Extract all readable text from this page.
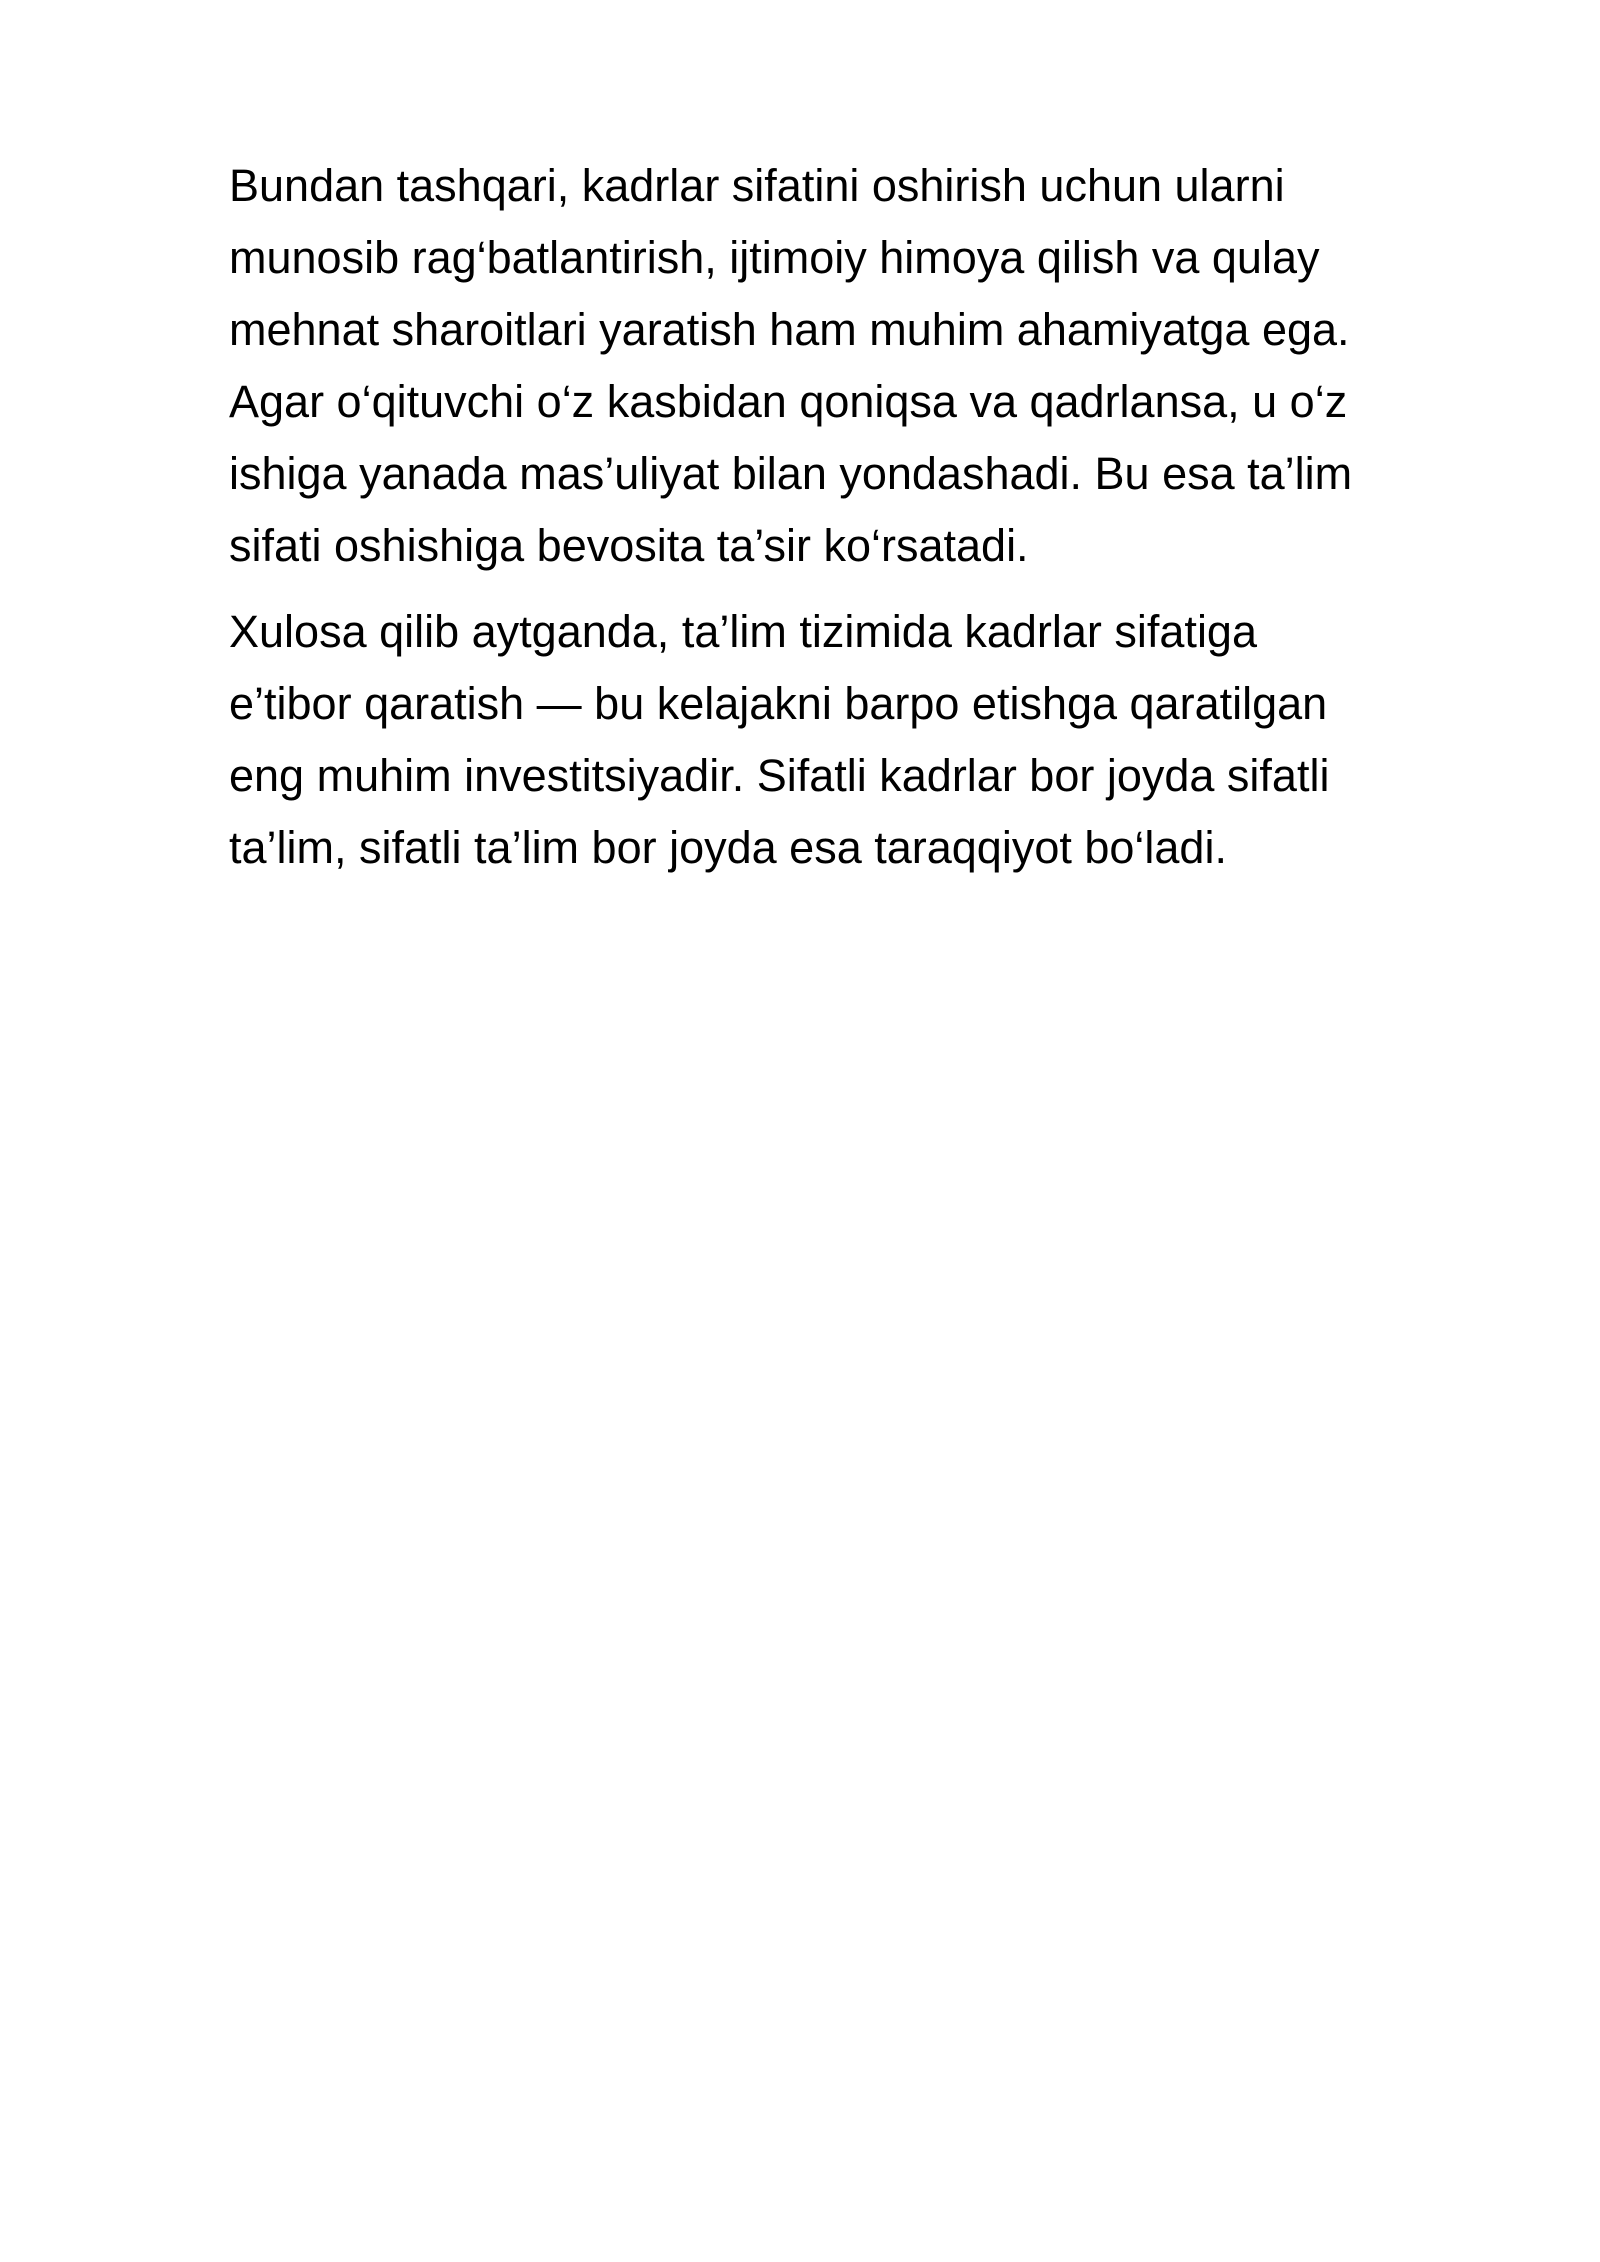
Bundan tashqari, kadrlar sifatini oshirish uchun ularni
munosib rag‘batlantirish, ijtimoiy himoya qilish va qulay
mehnat sharoitlari yaratish ham muhim ahamiyatga ega.
Agar o‘qituvchi o‘z kasbidan qoniqsa va qadrlansa, u o‘z
ishiga yanada mas’uliyat bilan yondashadi. Bu esa ta’lim
sifati oshishiga bevosita ta’sir ko‘rsatadi.

Xulosa qilib aytganda, ta’lim tizimida kadrlar sifatiga
e’tibor qaratish — bu kelajakni barpo etishga qaratilgan
eng muhim investitsiyadir. Sifatli kadrlar bor joyda sifatli
ta’lim, sifatli ta’lim bor joyda esa taraqqiyot bo‘ladi.
